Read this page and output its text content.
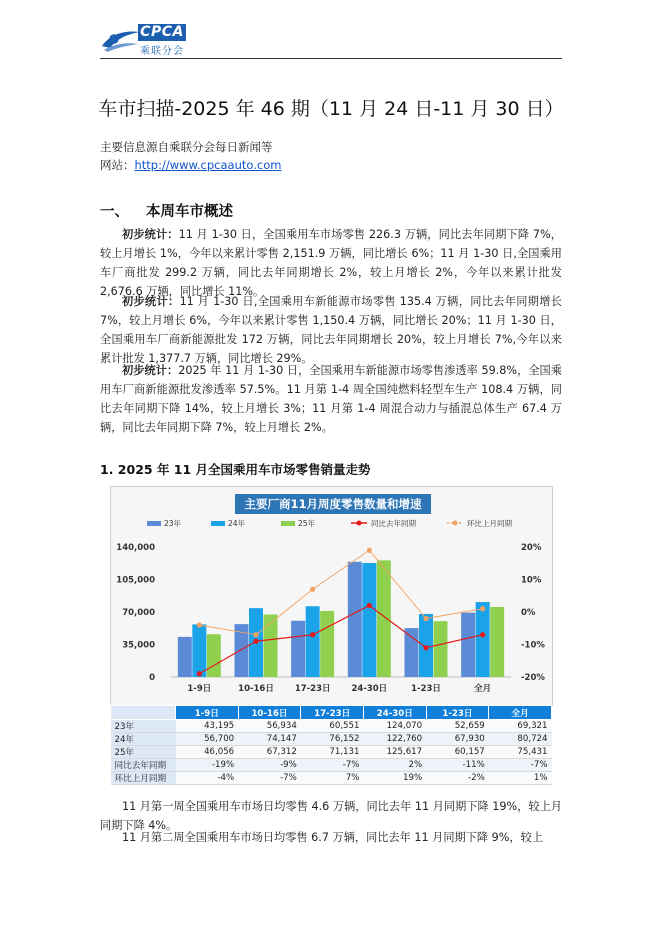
CPCA
乘联分会
车市扫描-2025 年 46 期（11 月 24 日-11 月 30 日）
主要信息源自乘联分会每日新闻等
网站：http://www.cpcaauto.com
一、 本周车市概述
初步统计：11 月 1-30 日，全国乘用车市场零售 226.3 万辆，同比去年同期下降 7%，较上月增长 1%，今年以来累计零售 2,151.9 万辆，同比增长 6%；11 月 1-30 日,全国乘用车厂商批发 299.2 万辆，同比去年同期增长 2%，较上月增长 2%，今年以来累计批发 2,676.6 万辆，同比增长 11%。
初步统计：11 月 1-30 日,全国乘用车新能源市场零售 135.4 万辆，同比去年同期增长 7%，较上月增长 6%，今年以来累计零售 1,150.4 万辆，同比增长 20%；11 月 1-30 日，全国乘用车厂商新能源批发 172 万辆，同比去年同期增长 20%，较上月增长 7%,今年以来累计批发 1,377.7 万辆，同比增长 29%。
初步统计：2025 年 11 月 1-30 日，全国乘用车新能源市场零售渗透率 59.8%，全国乘用车厂商新能源批发渗透率 57.5%。11 月第 1-4 周全国纯燃料轻型车生产 108.4 万辆，同比去年同期下降 14%，较上月增长 3%；11 月第 1-4 周混合动力与插混总体生产 67.4 万辆，同比去年同期下降 7%，较上月增长 2%。
1. 2025 年 11 月全国乘用车市场零售销量走势
主要厂商11月周度零售数量和增速
23年	24年	25年	同比去年同期	环比上月同期
140,000
105,000
70,000
35,000
0
20%
10%
0%
-10%
-20%
1-9日	10-16日 17-23日 24-30日	1-23日	全月
	1-9日	10-16日	17-23日	24-30日	1-23日	全月
23年	43,195	56,934	60,551	124,070	52,659	69,321
24年	56,700	74,147	76,152	122,760	67,930	80,724
25年	46,056	67,312	71,131	125,617	60,157	75,431
同比去年同期	-19%	-9%	-7%	2%	-11%	-7%
环比上月同期	-4%	-7%	7%	19%	-2%	1%
11 月第一周全国乘用车市场日均零售 4.6 万辆，同比去年 11 月同期下降 19%，较上月同期下降 4%。
11 月第二周全国乘用车市场日均零售 6.7 万辆，同比去年 11 月同期下降 9%，较上
